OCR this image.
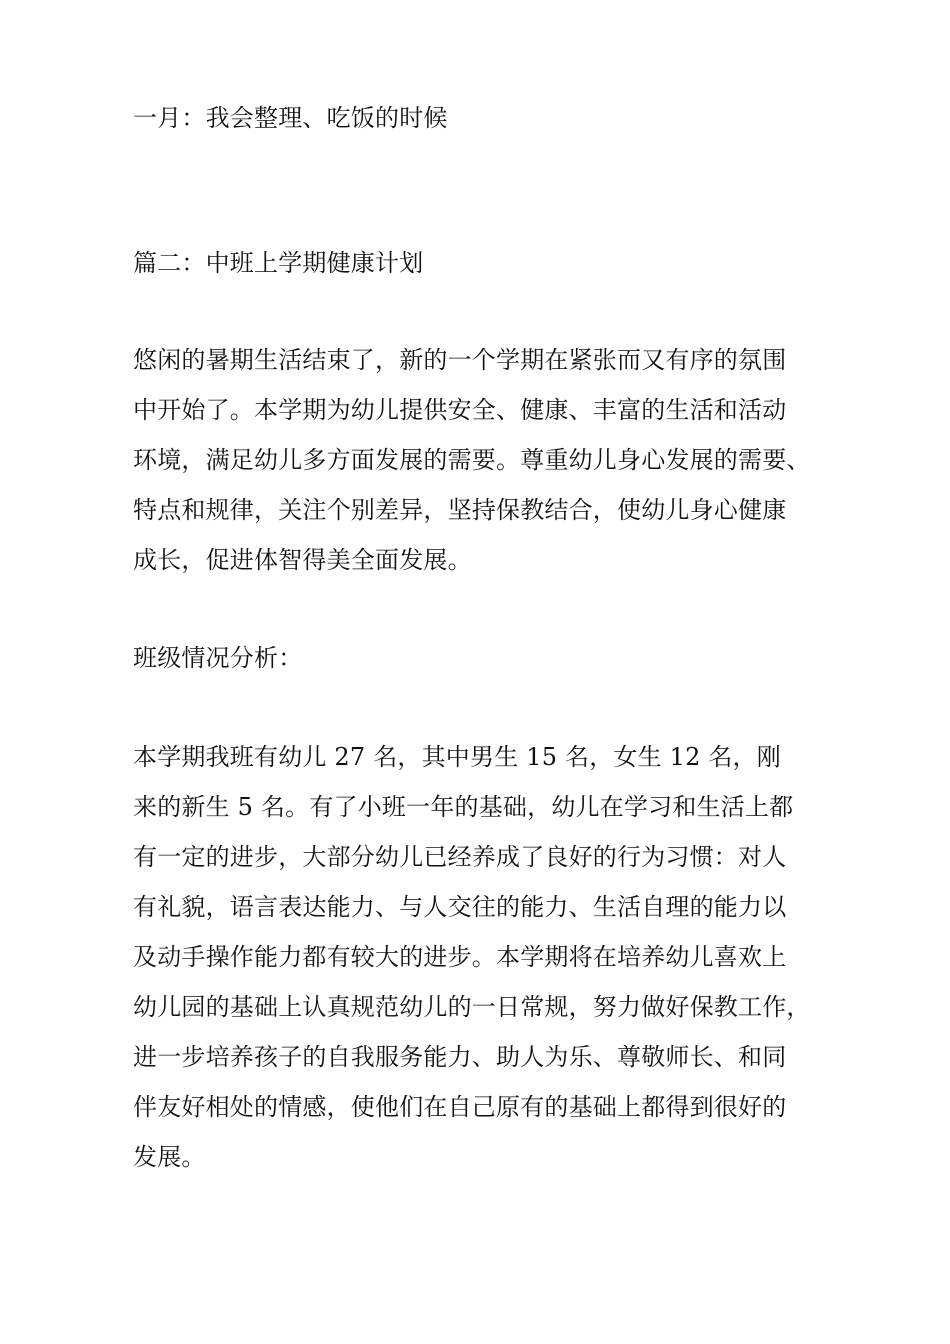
一月：我会整理、吃饭的时候
篇二：中班上学期健康计划
悠闲的暑期生活结束了，新的一个学期在紧张而又有序的氛围
中开始了。本学期为幼儿提供安全、健康、丰富的生活和活动
环境，满足幼儿多方面发展的需要。尊重幼儿身心发展的需要、
特点和规律，关注个别差异，坚持保教结合，使幼儿身心健康
成长，促进体智得美全面发展。
班级情况分析：
本学期我班有幼儿 27 名，其中男生 15 名，女生 12 名，刚
来的新生 5 名。有了小班一年的基础，幼儿在学习和生活上都
有一定的进步，大部分幼儿已经养成了良好的行为习惯：对人
有礼貌，语言表达能力、与人交往的能力、生活自理的能力以
及动手操作能力都有较大的进步。本学期将在培养幼儿喜欢上
幼儿园的基础上认真规范幼儿的一日常规，努力做好保教工作，
进一步培养孩子的自我服务能力、助人为乐、尊敬师长、和同
伴友好相处的情感，使他们在自己原有的基础上都得到很好的
发展。
